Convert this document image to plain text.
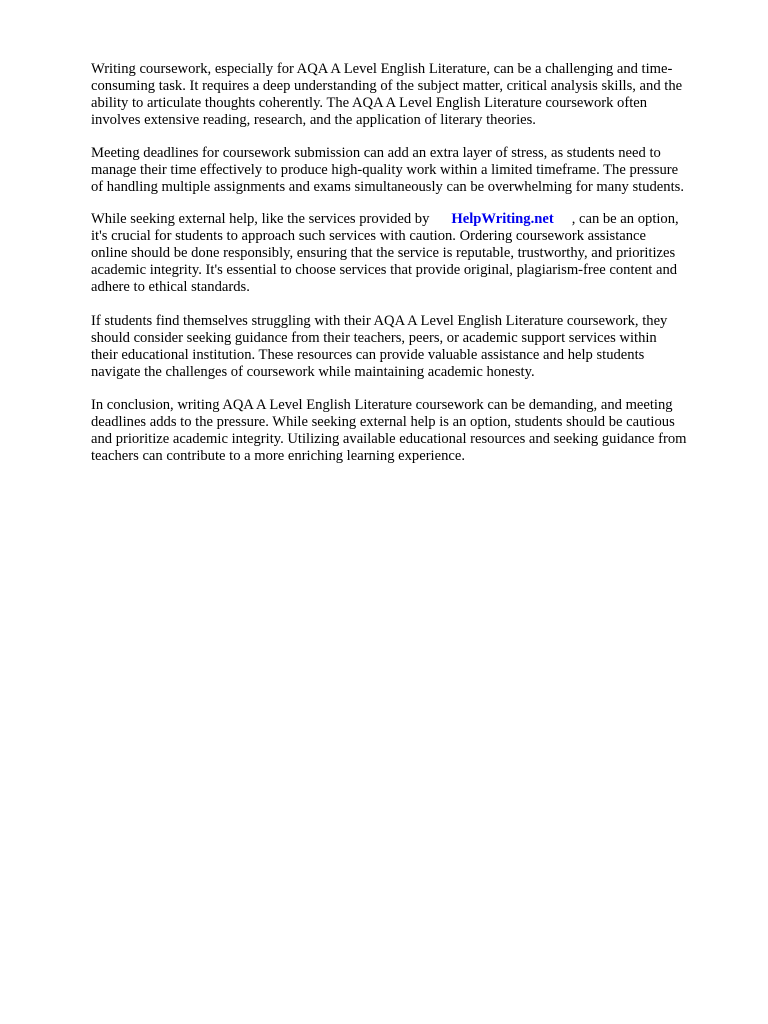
Writing coursework, especially for AQA A Level English Literature, can be a challenging and time-
consuming task. It requires a deep understanding of the subject matter, critical analysis skills, and the
ability to articulate thoughts coherently. The AQA A Level English Literature coursework often
involves extensive reading, research, and the application of literary theories.
Meeting deadlines for coursework submission can add an extra layer of stress, as students need to
manage their time effectively to produce high-quality work within a limited timeframe. The pressure
of handling multiple assignments and exams simultaneously can be overwhelming for many students.
While seeking external help, like the services provided by HelpWriting.net , can be an option,
it's crucial for students to approach such services with caution. Ordering coursework assistance
online should be done responsibly, ensuring that the service is reputable, trustworthy, and prioritizes
academic integrity. It's essential to choose services that provide original, plagiarism-free content and
adhere to ethical standards.
If students find themselves struggling with their AQA A Level English Literature coursework, they
should consider seeking guidance from their teachers, peers, or academic support services within
their educational institution. These resources can provide valuable assistance and help students
navigate the challenges of coursework while maintaining academic honesty.
In conclusion, writing AQA A Level English Literature coursework can be demanding, and meeting
deadlines adds to the pressure. While seeking external help is an option, students should be cautious
and prioritize academic integrity. Utilizing available educational resources and seeking guidance from
teachers can contribute to a more enriching learning experience.
